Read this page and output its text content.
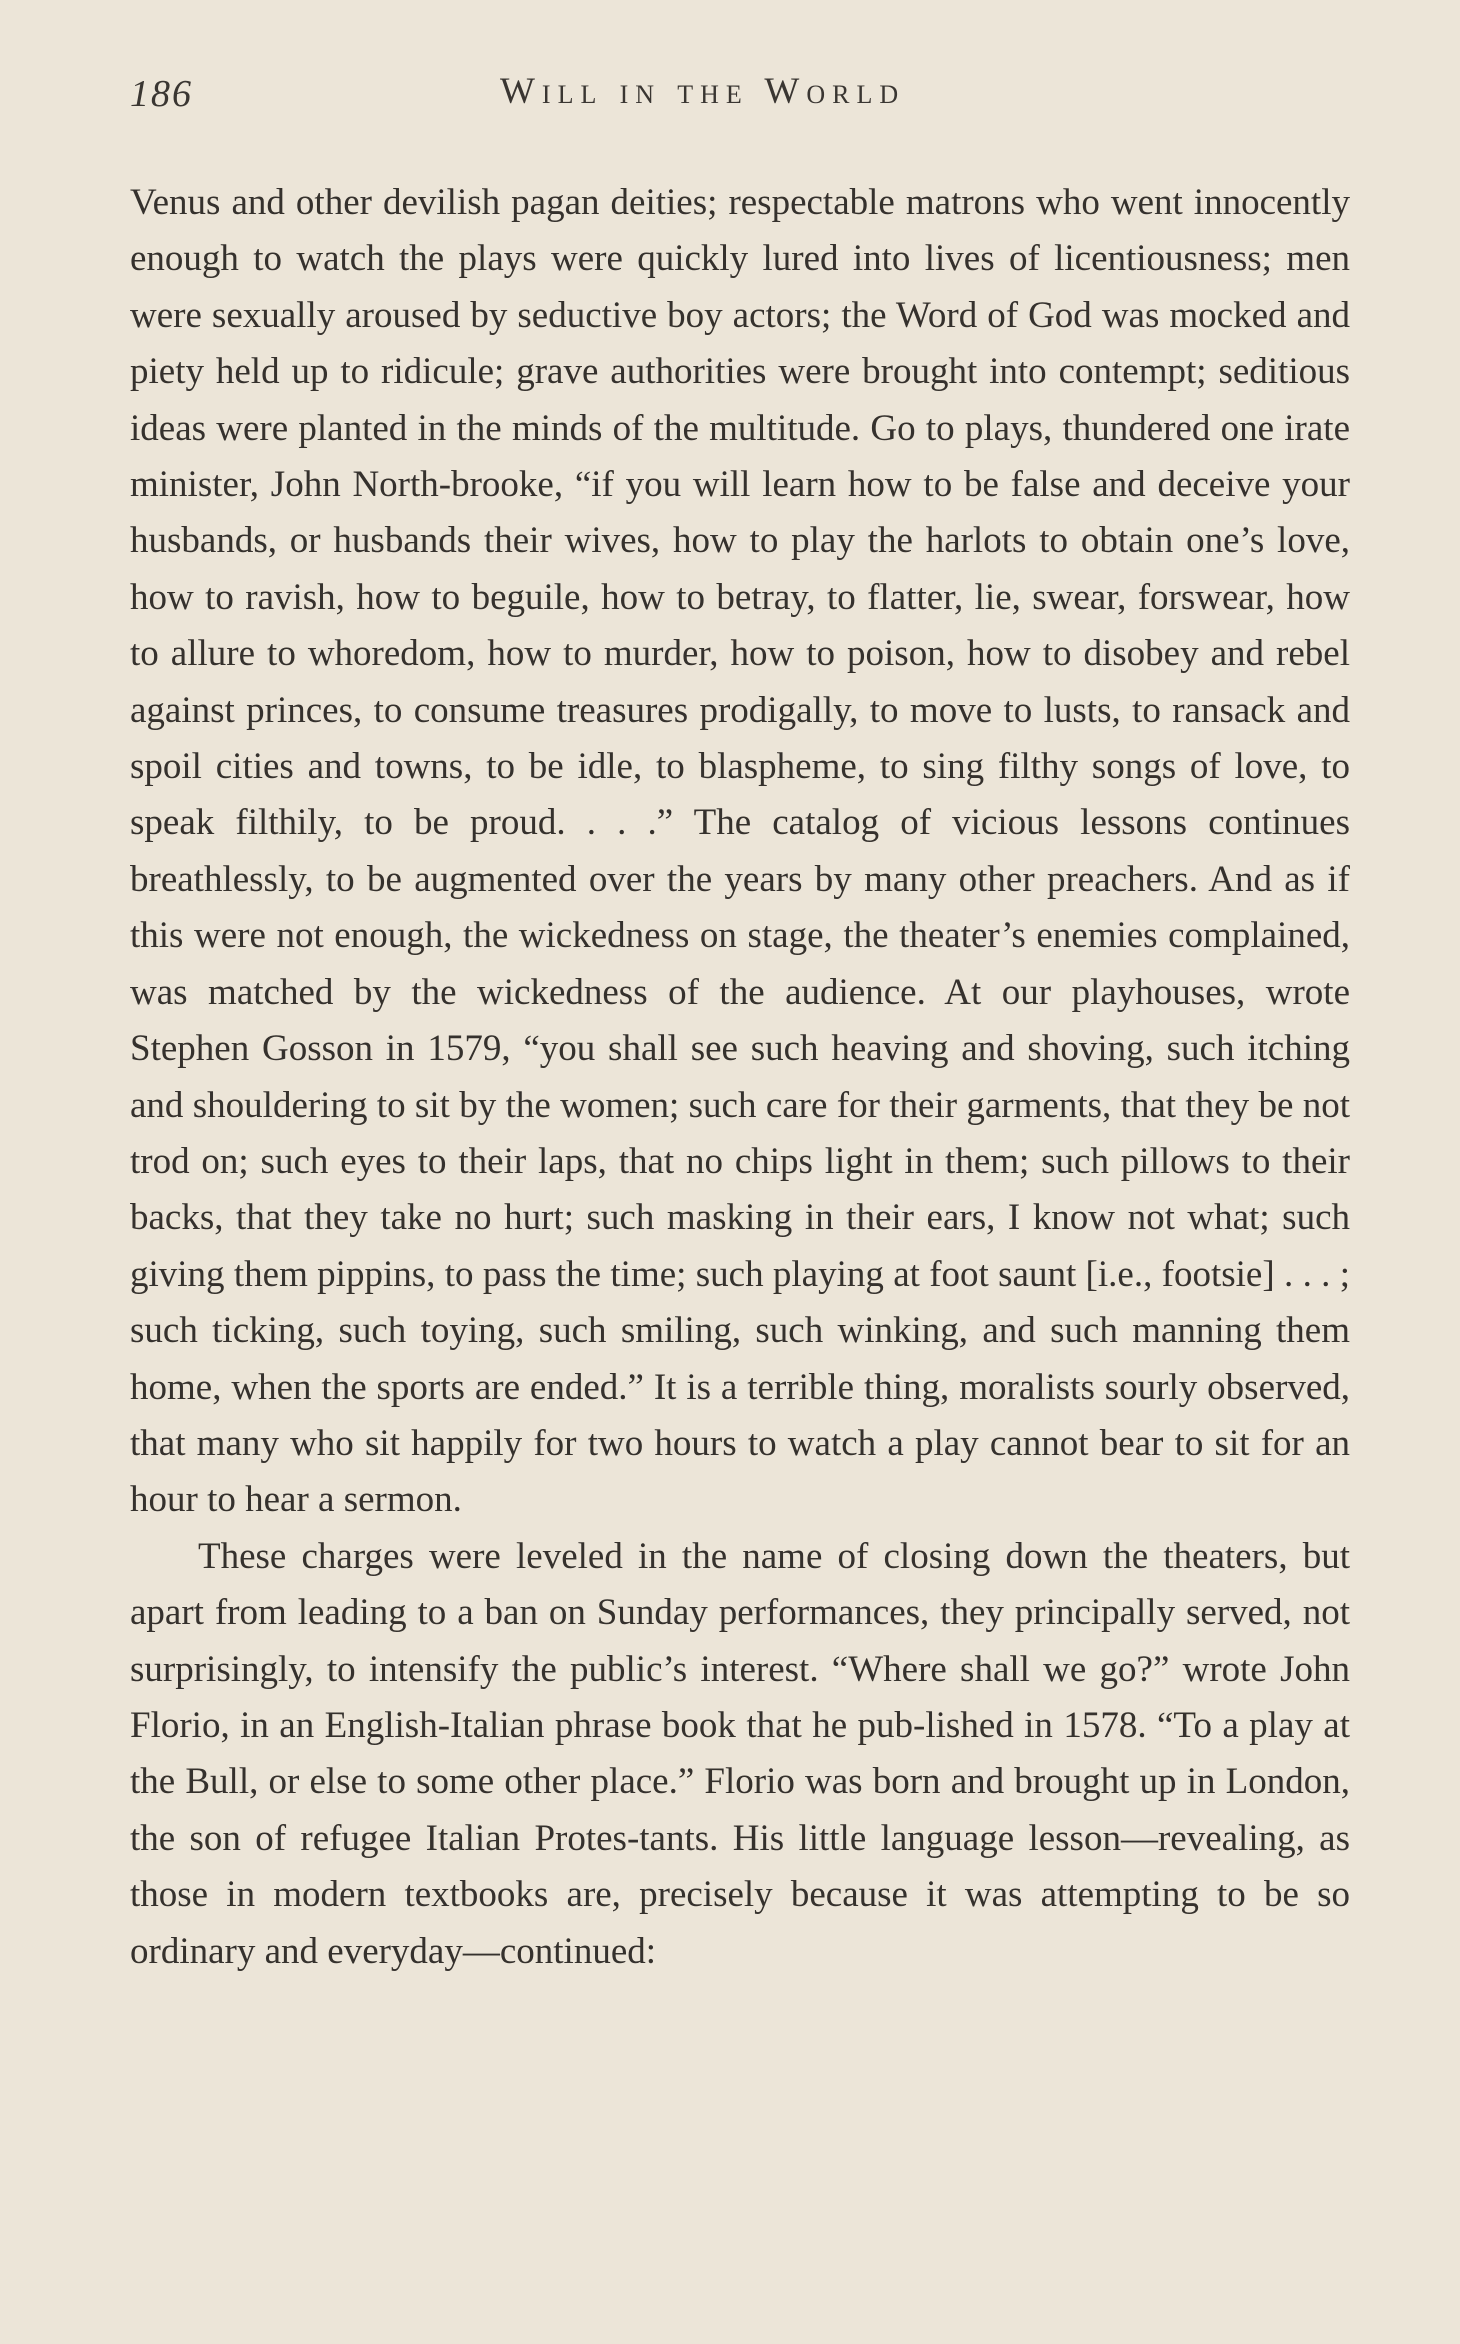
186	Will in the World

Venus and other devilish pagan deities; respectable matrons who went innocently enough to watch the plays were quickly lured into lives of licentiousness; men were sexually aroused by seductive boy actors; the Word of God was mocked and piety held up to ridicule; grave authorities were brought into contempt; seditious ideas were planted in the minds of the multitude. Go to plays, thundered one irate minister, John North-brooke, “if you will learn how to be false and deceive your husbands, or husbands their wives, how to play the harlots to obtain one’s love, how to ravish, how to beguile, how to betray, to flatter, lie, swear, forswear, how to allure to whoredom, how to murder, how to poison, how to disobey and rebel against princes, to consume treasures prodigally, to move to lusts, to ransack and spoil cities and towns, to be idle, to blaspheme, to sing filthy songs of love, to speak filthily, to be proud. . . .” The catalog of vicious lessons continues breathlessly, to be augmented over the years by many other preachers. And as if this were not enough, the wickedness on stage, the theater’s enemies complained, was matched by the wickedness of the audience. At our playhouses, wrote Stephen Gosson in 1579, “you shall see such heaving and shoving, such itching and shouldering to sit by the women; such care for their garments, that they be not trod on; such eyes to their laps, that no chips light in them; such pillows to their backs, that they take no hurt; such masking in their ears, I know not what; such giving them pippins, to pass the time; such playing at foot saunt [i.e., footsie] . . . ; such ticking, such toying, such smiling, such winking, and such manning them home, when the sports are ended.” It is a terrible thing, moralists sourly observed, that many who sit happily for two hours to watch a play cannot bear to sit for an hour to hear a sermon.

These charges were leveled in the name of closing down the theaters, but apart from leading to a ban on Sunday performances, they principally served, not surprisingly, to intensify the public’s interest. “Where shall we go?” wrote John Florio, in an English-Italian phrase book that he pub-lished in 1578. “To a play at the Bull, or else to some other place.” Florio was born and brought up in London, the son of refugee Italian Protes-tants. His little language lesson—revealing, as those in modern textbooks are, precisely because it was attempting to be so ordinary and everyday—continued:
